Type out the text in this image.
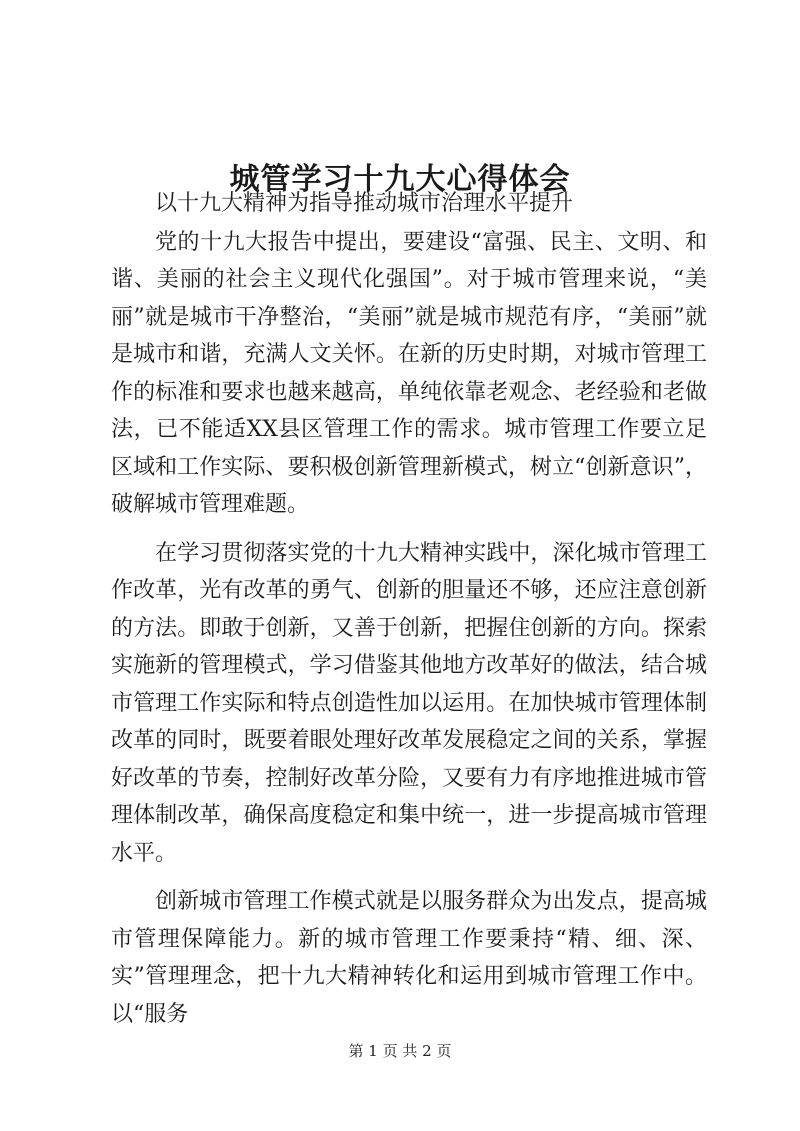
城管学习十九大心得体会

以十九大精神为指导推动城市治理水平提升

党的十九大报告中提出，要建设“富强、民主、文明、和谐、美丽的社会主义现代化强国”。对于城市管理来说，“美丽”就是城市干净整治，“美丽”就是城市规范有序，“美丽”就是城市和谐，充满人文关怀。在新的历史时期，对城市管理工作的标准和要求也越来越高，单纯依靠老观念、老经验和老做法，已不能适XX县区管理工作的需求。城市管理工作要立足区域和工作实际、要积极创新管理新模式，树立“创新意识”，破解城市管理难题。

在学习贯彻落实党的十九大精神实践中，深化城市管理工作改革，光有改革的勇气、创新的胆量还不够，还应注意创新的方法。即敢于创新，又善于创新，把握住创新的方向。探索实施新的管理模式，学习借鉴其他地方改革好的做法，结合城市管理工作实际和特点创造性加以运用。在加快城市管理体制改革的同时，既要着眼处理好改革发展稳定之间的关系，掌握好改革的节奏，控制好改革分险，又要有力有序地推进城市管理体制改革，确保高度稳定和集中统一，进一步提高城市管理水平。

创新城市管理工作模式就是以服务群众为出发点，提高城市管理保障能力。新的城市管理工作要秉持“精、细、深、实”管理理念，把十九大精神转化和运用到城市管理工作中。以“服务

第 1 页 共 2 页
